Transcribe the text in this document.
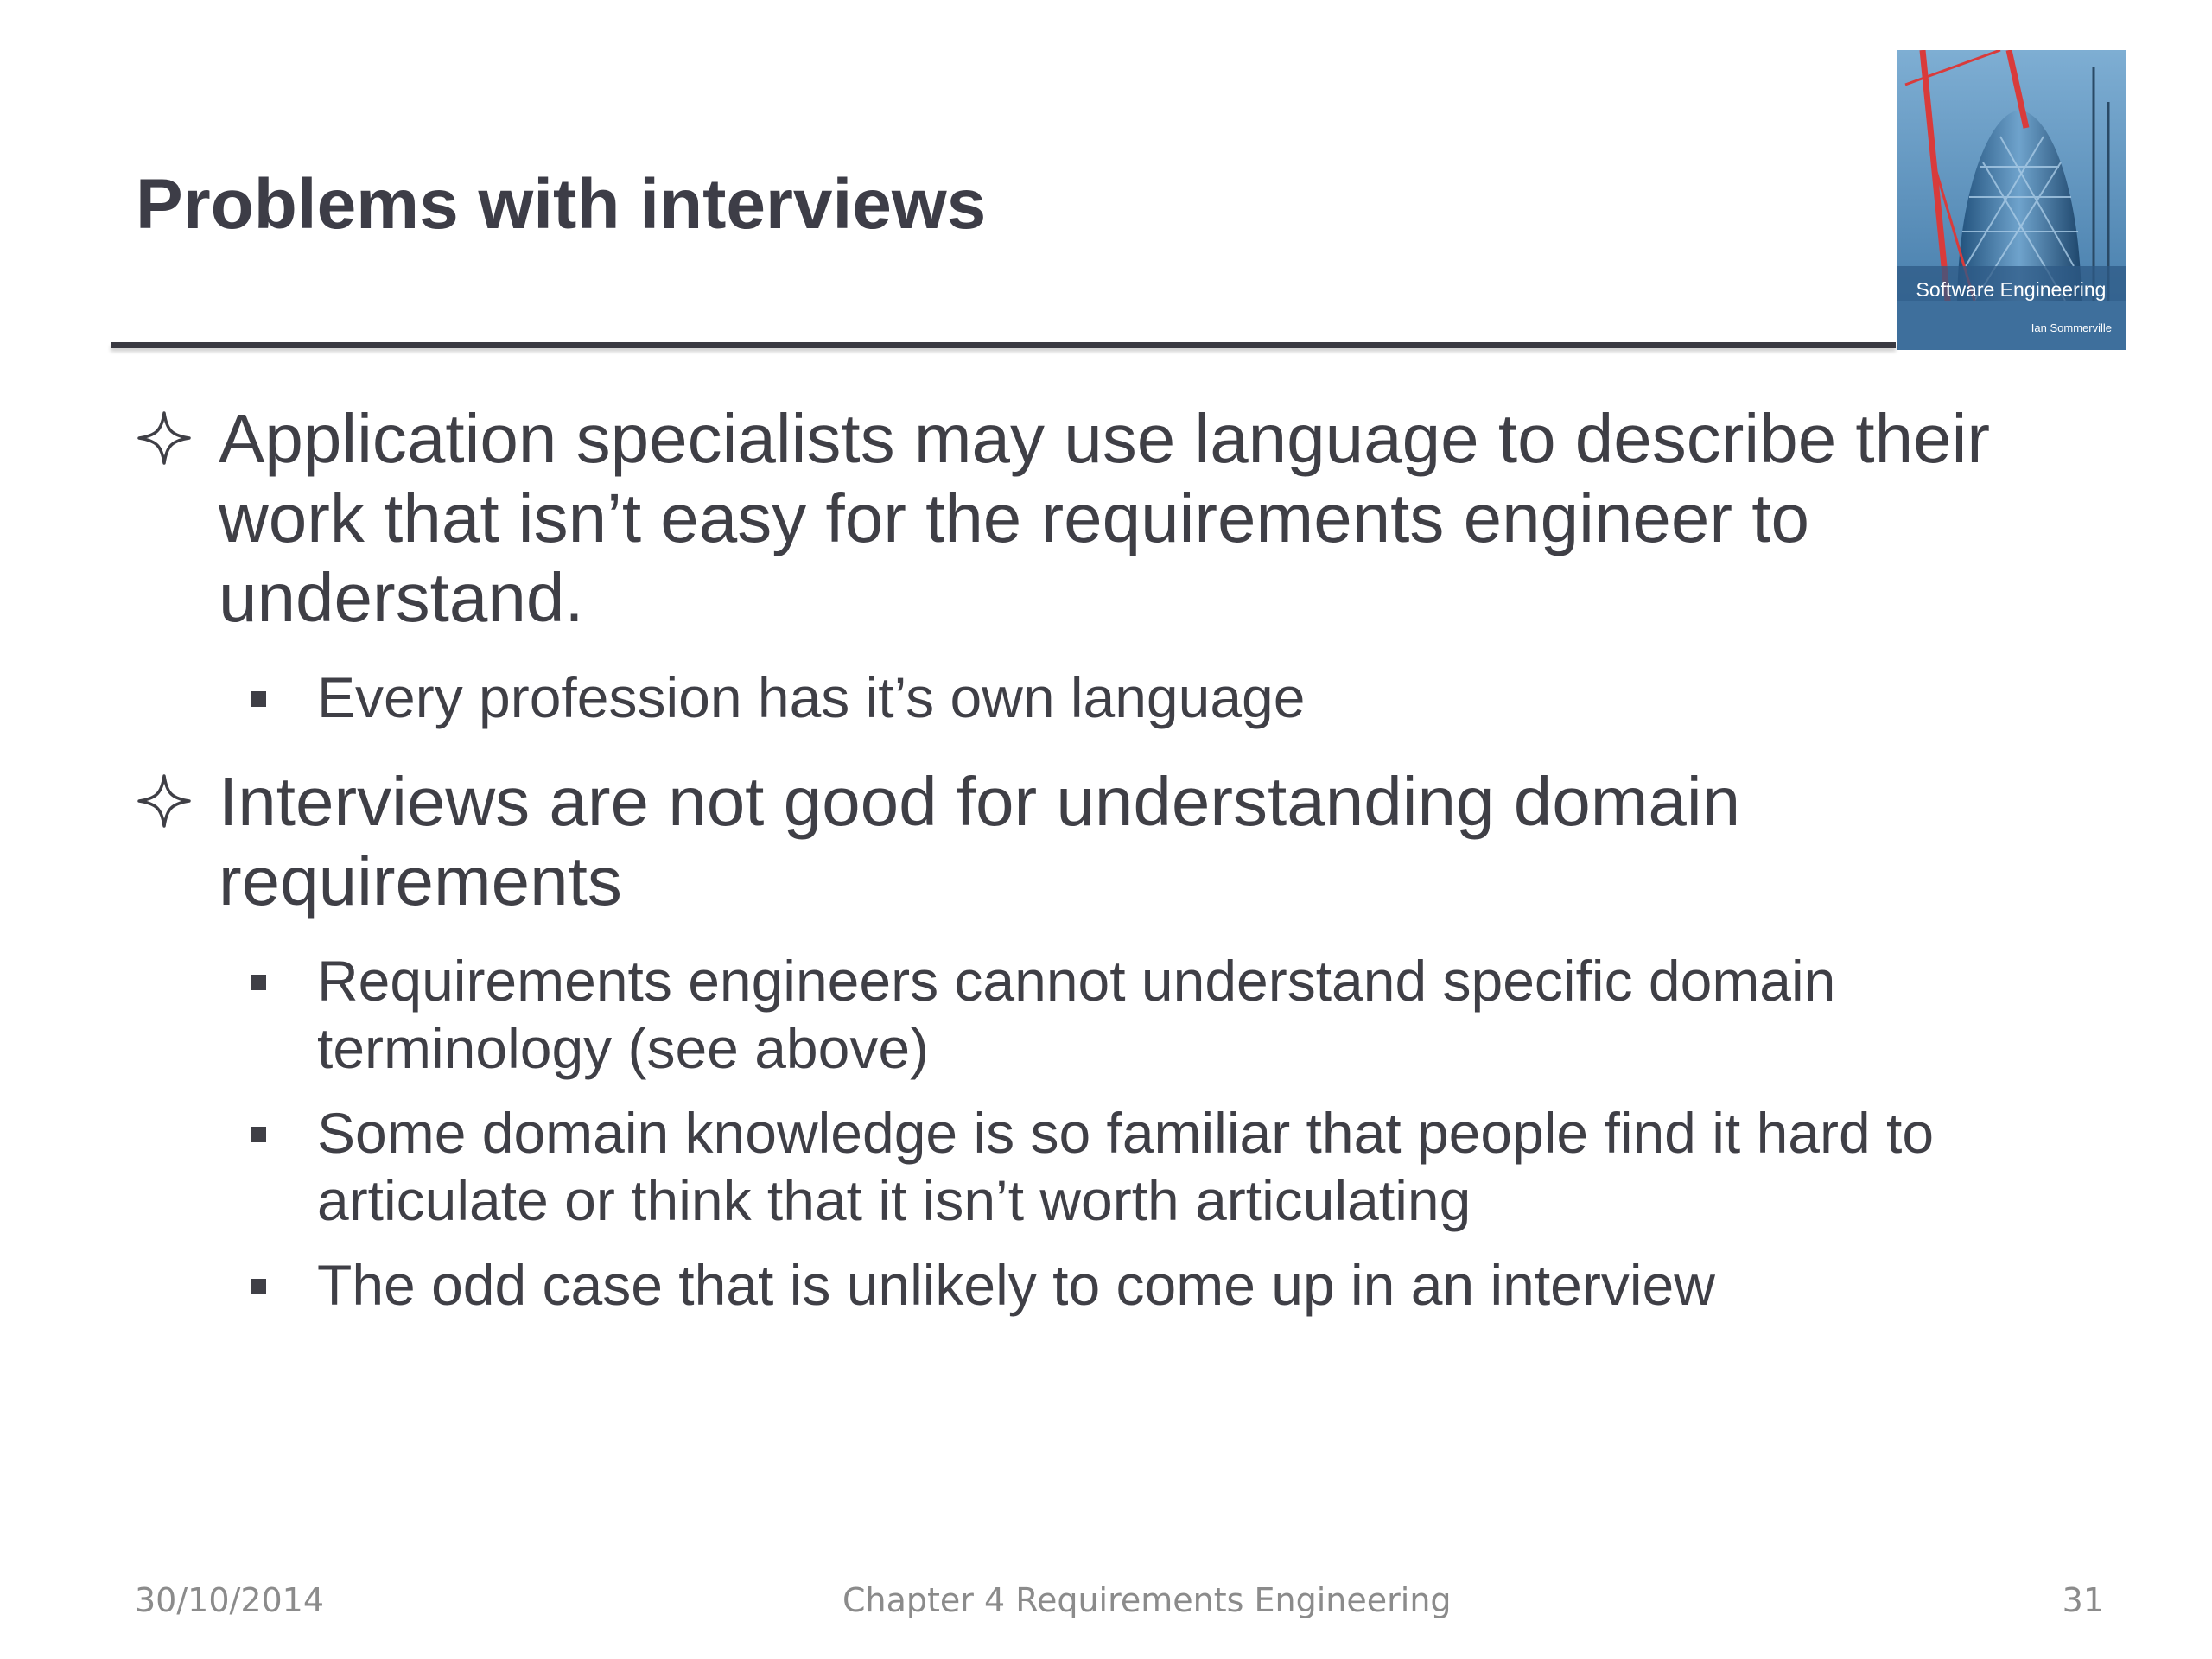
Problems with interviews
Software Engineering
Ian Sommerville
Application specialists may use language to describe their work that isn’t easy for the requirements engineer to understand.
Every profession has it’s own language
Interviews are not good for understanding domain requirements
Requirements engineers cannot understand specific domain terminology (see above)
Some domain knowledge is so familiar that people find it hard to articulate or think that it isn’t worth articulating
The odd case that is unlikely to come up in an interview
30/10/2014	Chapter 4 Requirements Engineering	31
